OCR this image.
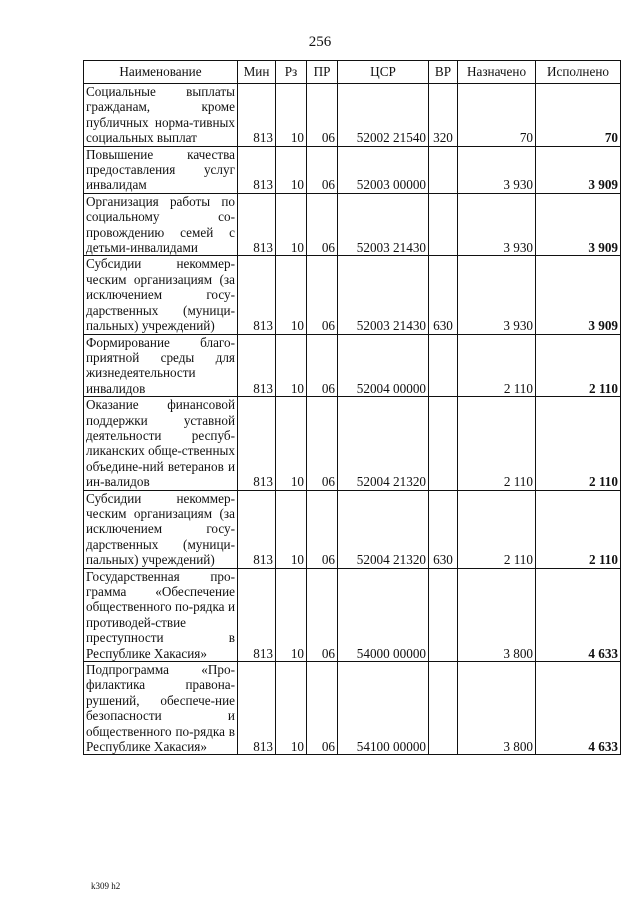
256
Наименование	Мин	Рз	ПР	ЦСР	ВР	Назначено	Исполнено
Социальные выплаты гражданам, кроме публичных норма-тивных социальных выплат	813	10	06	52002 21540	320	70	70
Повышение качества предоставления услуг инвалидам	813	10	06	52003 00000		3 930	3 909
Организация работы по социальному со-провождению семей с детьми-инвалидами	813	10	06	52003 21430		3 930	3 909
Субсидии некоммер-ческим организациям (за исключением госу-дарственных (муници-пальных) учреждений)	813	10	06	52003 21430	630	3 930	3 909
Формирование благо-приятной среды для жизнедеятельности инвалидов	813	10	06	52004 00000		2 110	2 110
Оказание финансовой поддержки уставной деятельности респуб-ликанских обще-ственных объедине-ний ветеранов и ин-валидов	813	10	06	52004 21320		2 110	2 110
Субсидии некоммер-ческим организациям (за исключением госу-дарственных (муници-пальных) учреждений)	813	10	06	52004 21320	630	2 110	2 110
Государственная про-грамма «Обеспечение общественного по-рядка и противодей-ствие преступности в Республике Хакасия»	813	10	06	54000 00000		3 800	4 633
Подпрограмма «Про-филактика правона-рушений, обеспече-ние безопасности и общественного по-рядка в Республике Хакасия»	813	10	06	54100 00000		3 800	4 633
k309 h2
